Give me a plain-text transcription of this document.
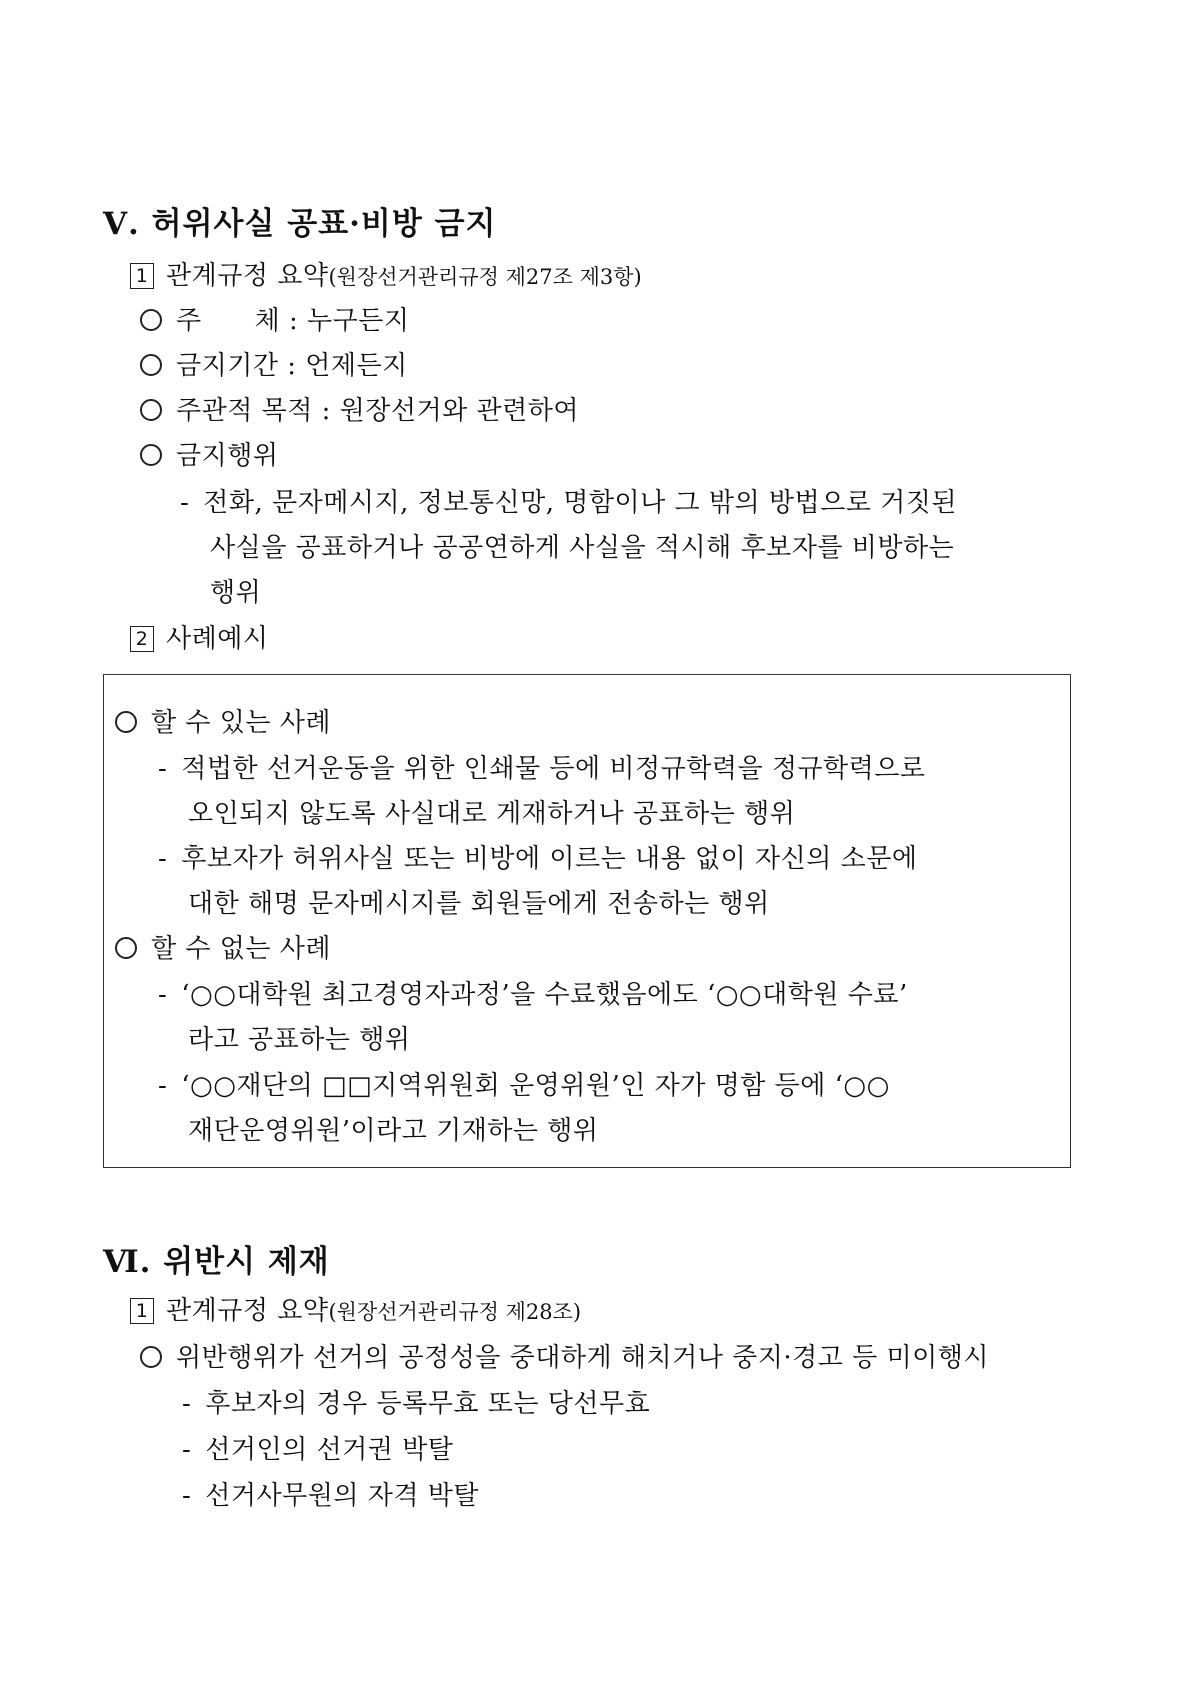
Ⅴ. 허위사실 공표·비방 금지
1 관계규정 요약(원장선거관리규정 제27조 제3항)
주　　체 : 누구든지
금지기간 : 언제든지
주관적 목적 : 원장선거와 관련하여
금지행위
- 전화, 문자메시지, 정보통신망, 명함이나 그 밖의 방법으로 거짓된
사실을 공표하거나 공공연하게 사실을 적시해 후보자를 비방하는
행위
2 사례예시
할 수 있는 사례
- 적법한 선거운동을 위한 인쇄물 등에 비정규학력을 정규학력으로
오인되지 않도록 사실대로 게재하거나 공표하는 행위
- 후보자가 허위사실 또는 비방에 이르는 내용 없이 자신의 소문에
대한 해명 문자메시지를 회원들에게 전송하는 행위
할 수 없는 사례
- ‘○○대학원 최고경영자과정’을 수료했음에도 ‘○○대학원 수료’
라고 공표하는 행위
- ‘○○재단의 □□지역위원회 운영위원’인 자가 명함 등에 ‘○○
재단운영위원’이라고 기재하는 행위
Ⅵ. 위반시 제재
1 관계규정 요약(원장선거관리규정 제28조)
위반행위가 선거의 공정성을 중대하게 해치거나 중지·경고 등 미이행시
- 후보자의 경우 등록무효 또는 당선무효
- 선거인의 선거권 박탈
- 선거사무원의 자격 박탈
